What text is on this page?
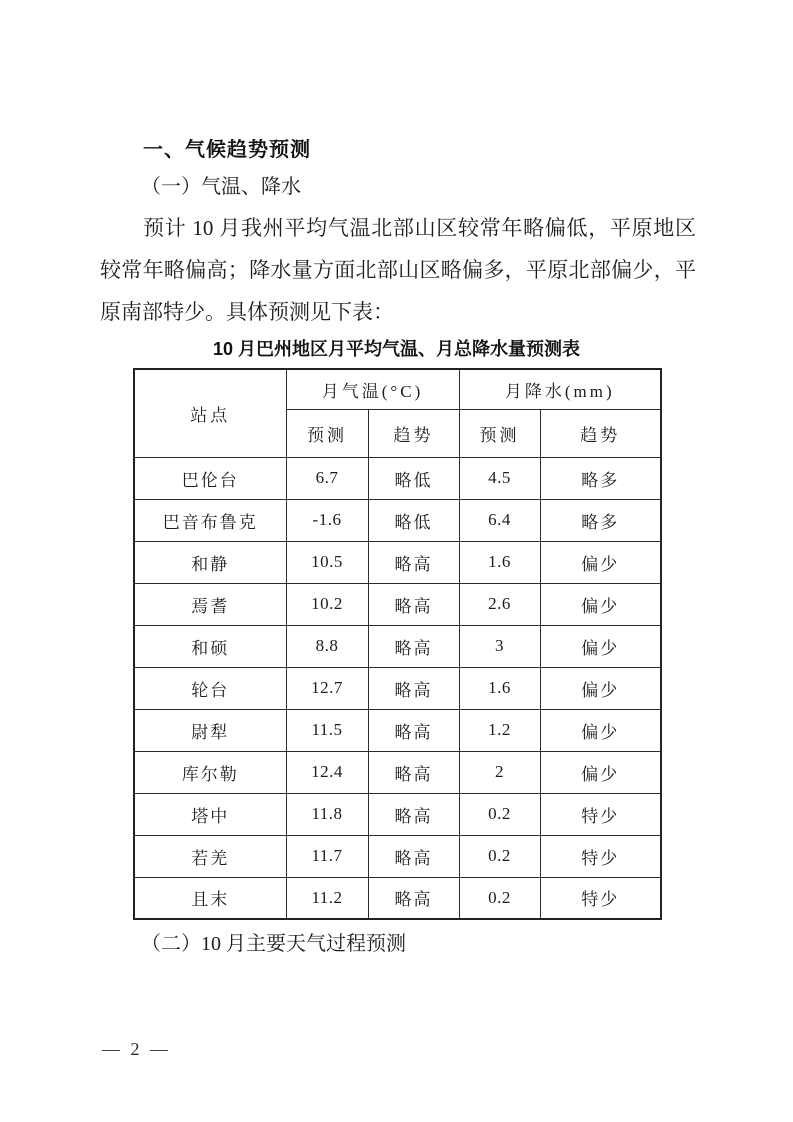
一、气候趋势预测
（一）气温、降水
预计 10 月我州平均气温北部山区较常年略偏低，平原地区
较常年略偏高；降水量方面北部山区略偏多，平原北部偏少，平
原南部特少。具体预测见下表：
10 月巴州地区月平均气温、月总降水量预测表
站点	月气温(°C)		月降水(mm)	
	预测	趋势	预测	趋势
巴伦台	6.7	略低	4.5	略多
巴音布鲁克	-1.6	略低	6.4	略多
和静	10.5	略高	1.6	偏少
焉耆	10.2	略高	2.6	偏少
和硕	8.8	略高	3	偏少
轮台	12.7	略高	1.6	偏少
尉犁	11.5	略高	1.2	偏少
库尔勒	12.4	略高	2	偏少
塔中	11.8	略高	0.2	特少
若羌	11.7	略高	0.2	特少
且末	11.2	略高	0.2	特少
（二）10 月主要天气过程预测
— 2 —
